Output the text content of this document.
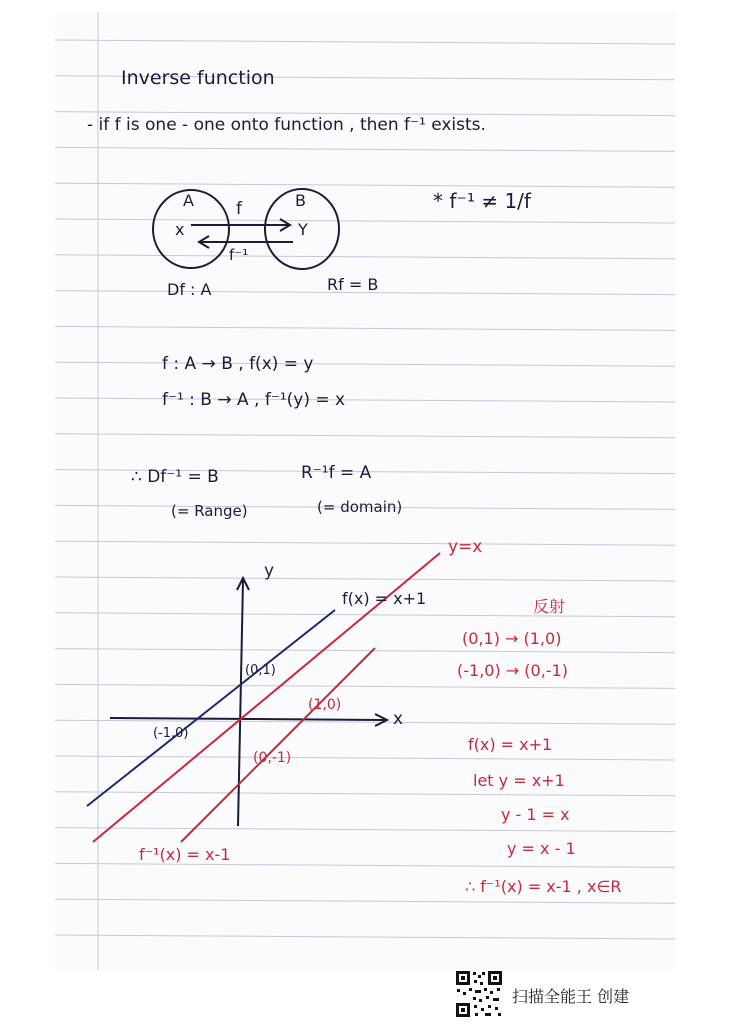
Inverse function
- if f is one - one onto function , then f⁻¹ exists.
A	B
x	Y
f
f⁻¹
Df : A	Rf = B
* f⁻¹ ≠ 1/f
f : A → B , f(x) = y
f⁻¹ : B → A , f⁻¹(y) = x
∴ Df⁻¹ = B	R⁻¹f = A
(= Range)	(= domain)
y
x
f(x) = x+1
y=x
f⁻¹(x) = x-1
(0,1)
(-1,0)
(1,0)
(0,-1)
反射
(0,1) → (1,0)
(-1,0) → (0,-1)
f(x) = x+1
let y = x+1
y - 1 = x
y = x - 1
∴ f⁻¹(x) = x-1 , x∈R
扫描全能王 创建
